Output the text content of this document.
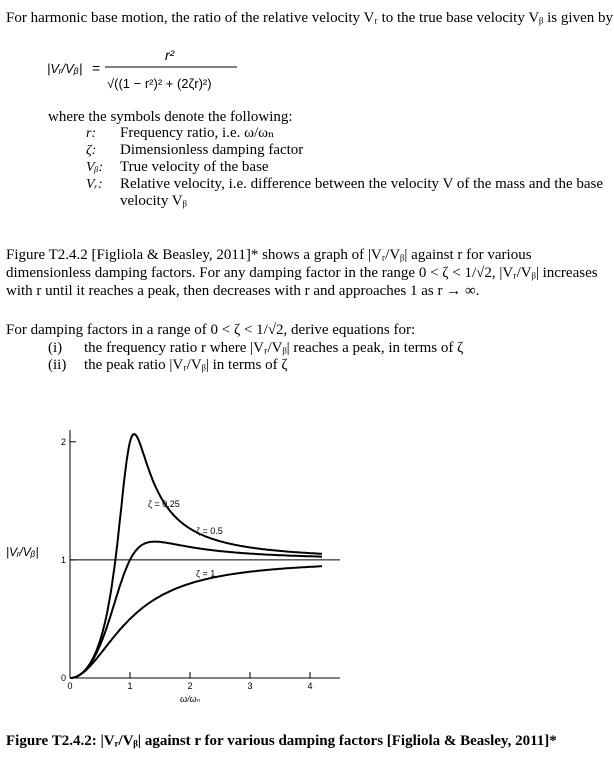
For harmonic base motion, the ratio of the relative velocity Vᵣ to the true base velocity Vᵦ is given by
|Vᵣ/Vᵦ| =
r²
√((1 − r²)² + (2ζr)²)
where the symbols denote the following:
r: Frequency ratio, i.e. ω/ωₙ
ζ: Dimensionless damping factor
Vᵦ: True velocity of the base
Vᵣ: Relative velocity, i.e. difference between the velocity V of the mass and the base
velocity Vᵦ
Figure T2.4.2 [Figliola & Beasley, 2011]* shows a graph of |Vᵣ/Vᵦ| against r for various
dimensionless damping factors. For any damping factor in the range 0 < ζ < 1/√2, |Vᵣ/Vᵦ| increases
with r until it reaches a peak, then decreases with r and approaches 1 as r → ∞.
For damping factors in a range of 0 < ζ < 1/√2, derive equations for:
(i) the frequency ratio r where |Vᵣ/Vᵦ| reaches a peak, in terms of ζ
(ii) the peak ratio |Vᵣ/Vᵦ| in terms of ζ
0	1	2	3	4
0
1
2
ω/ωₙ
|Vᵣ/Vᵦ|
ζ = 0.25
ζ = 0.5
ζ = 1
Figure T2.4.2: |Vᵣ/Vᵦ| against r for various damping factors [Figliola & Beasley, 2011]*
